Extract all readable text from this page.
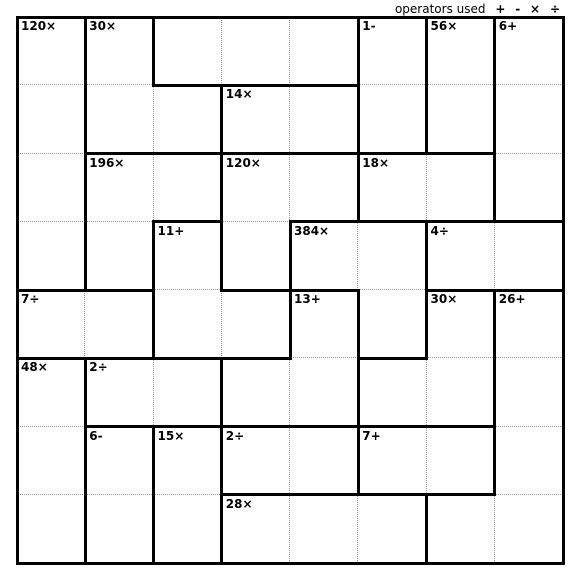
operators used + - × ÷
120×	30×	1-	56×	6+
14×
196×	120×	18×
11+	384×	4÷
7÷	13+	30×	26+
48×	2÷
6-	15×	2÷	7+
28×
